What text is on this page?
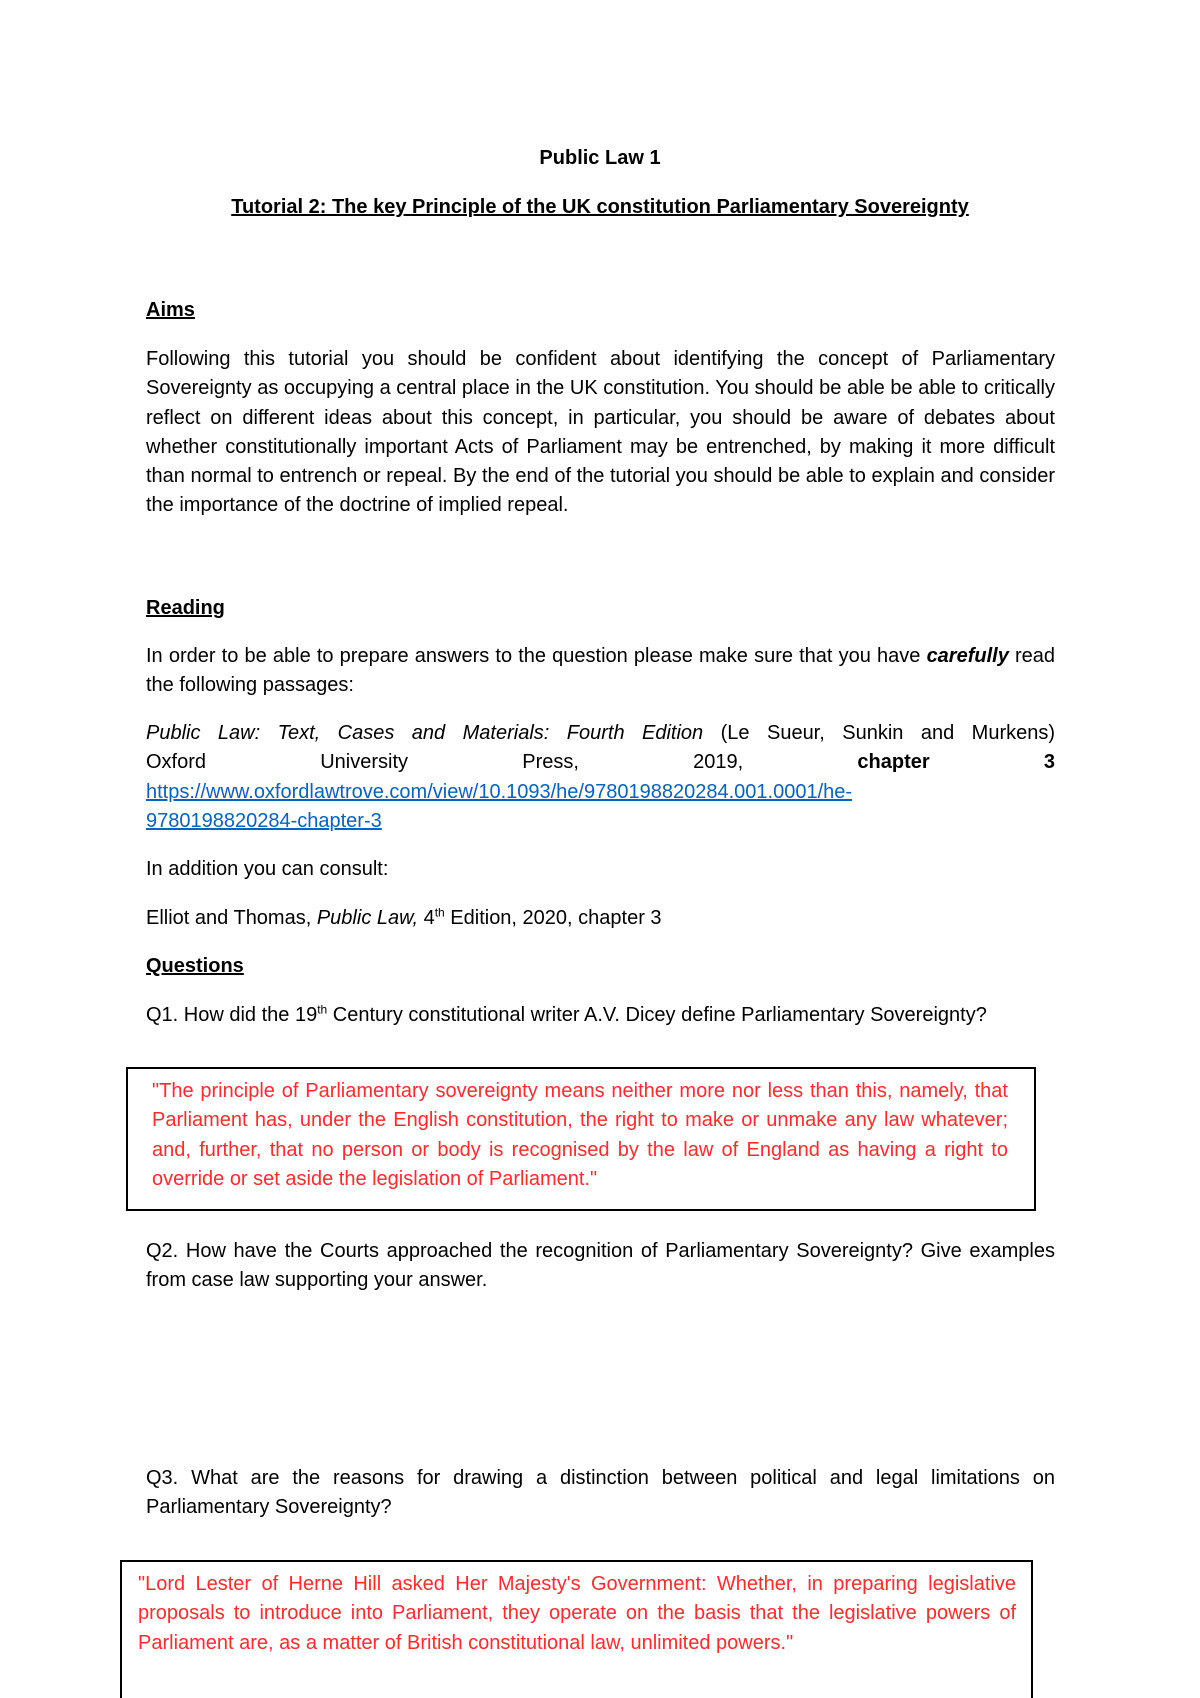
Public Law 1
Tutorial 2: The key Principle of the UK constitution Parliamentary Sovereignty
Aims
Following this tutorial you should be confident about identifying the concept of Parliamentary Sovereignty as occupying a central place in the UK constitution. You should be able be able to critically reflect on different ideas about this concept, in particular, you should be aware of debates about whether constitutionally important Acts of Parliament may be entrenched, by making it more difficult than normal to entrench or repeal. By the end of the tutorial you should be able to explain and consider the importance of the doctrine of implied repeal.
Reading
In order to be able to prepare answers to the question please make sure that you have carefully read the following passages:
Public Law: Text, Cases and Materials: Fourth Edition (Le Sueur, Sunkin and Murkens)
Oxford	University	Press,	2019,	chapter	3
https://www.oxfordlawtrove.com/view/10.1093/he/9780198820284.001.0001/he-
9780198820284-chapter-3
In addition you can consult:
Elliot and Thomas, Public Law, 4th Edition, 2020, chapter 3
Questions
Q1. How did the 19th Century constitutional writer A.V. Dicey define Parliamentary Sovereignty?
"The principle of Parliamentary sovereignty means neither more nor less than this, namely, that Parliament has, under the English constitution, the right to make or unmake any law whatever; and, further, that no person or body is recognised by the law of England as having a right to override or set aside the legislation of Parliament."
Q2. How have the Courts approached the recognition of Parliamentary Sovereignty? Give examples from case law supporting your answer.
Q3. What are the reasons for drawing a distinction between political and legal limitations on Parliamentary Sovereignty?
"Lord Lester of Herne Hill asked Her Majesty's Government: Whether, in preparing legislative proposals to introduce into Parliament, they operate on the basis that the legislative powers of Parliament are, as a matter of British constitutional law, unlimited powers."
